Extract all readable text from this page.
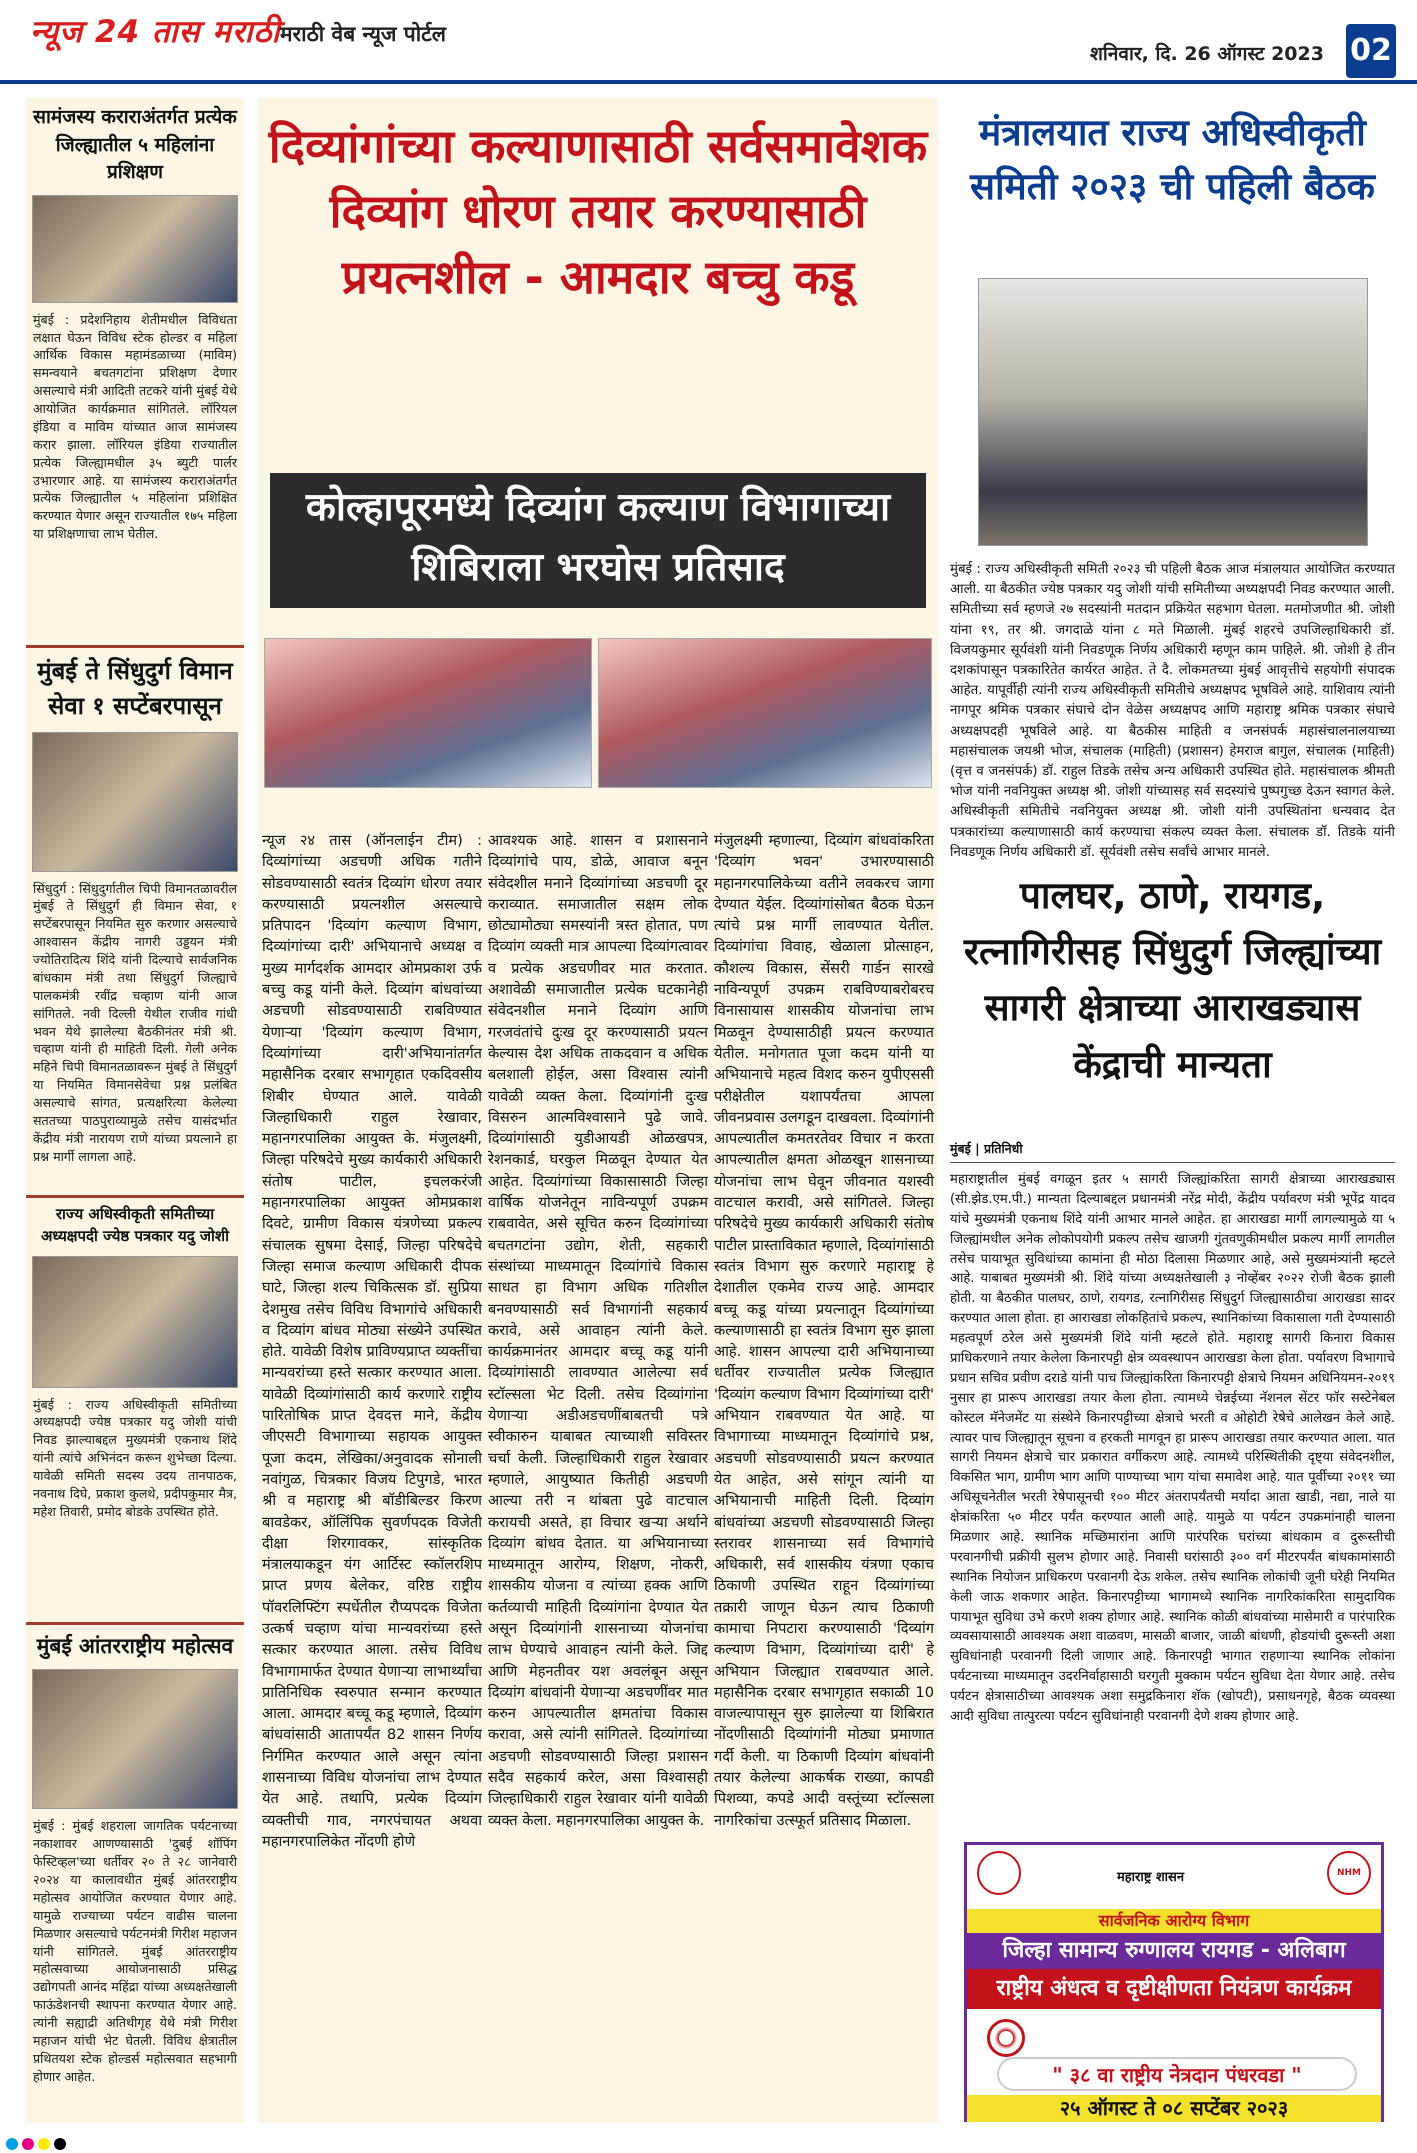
न्यूज 24 तास मराठी मराठी वेब न्यूज पोर्टल
शनिवार, दि. 26 ऑगस्ट 2023 02
सामंजस्य कराराअंतर्गत प्रत्येक जिल्ह्यातील ५ महिलांना प्रशिक्षण
मुंबई : प्रदेशनिहाय शेतीमधील विविधता लक्षात घेऊन विविध स्टेक होल्डर व महिला आर्थिक विकास महामंडळाच्या (माविम) समन्वयाने बचतगटांना प्रशिक्षण देणार असल्याचे मंत्री आदिती तटकरे यांनी मुंबई येथे आयोजित कार्यक्रमात सांगितले. लॉरियल इंडिया व माविम यांच्यात आज सामंजस्य करार झाला. लॉरियल इंडिया राज्यातील प्रत्येक जिल्ह्यामधील ३५ ब्युटी पार्लर उभारणार आहे. या सामंजस्य कराराअंतर्गत प्रत्येक जिल्ह्यातील ५ महिलांना प्रशिक्षित करण्यात येणार असून राज्यातील १७५ महिला या प्रशिक्षणाचा लाभ घेतील.
मुंबई ते सिंधुदुर्ग विमान सेवा १ सप्टेंबरपासून
सिंधुदुर्ग : सिंधुदुर्गातील चिपी विमानतळावरील मुंबई ते सिंधुदुर्ग ही विमान सेवा, १ सप्टेंबरपासून नियमित सुरु करणार असल्याचे आश्वासन केंद्रीय नागरी उड्डयन मंत्री ज्योतिरादित्य शिंदे यांनी दिल्याचे सार्वजनिक बांधकाम मंत्री तथा सिंधुदुर्ग जिल्ह्याचे पालकमंत्री रवींद्र चव्हाण यांनी आज सांगितले. नवी दिल्ली येथील राजीव गांधी भवन येथे झालेल्या बैठकीनंतर मंत्री श्री. चव्हाण यांनी ही माहिती दिली. गेली अनेक महिने चिपी विमानतळावरून मुंबई ते सिंधुदुर्ग या नियमित विमानसेवेचा प्रश्न प्रलंबित असल्याचे सांगत, प्रत्यक्षरित्या केलेल्या सततच्या पाठपुराव्यामुळे तसेच यासंदर्भात केंद्रीय मंत्री नारायण राणे यांच्या प्रयत्नाने हा प्रश्न मार्गी लागला आहे.
राज्य अधिस्वीकृती समितीच्या अध्यक्षपदी ज्येष्ठ पत्रकार यदु जोशी
मुंबई : राज्य अधिस्वीकृती समितीच्या अध्यक्षपदी ज्येष्ठ पत्रकार यदु जोशी यांची निवड झाल्याबद्दल मुख्यमंत्री एकनाथ शिंदे यांनी त्यांचे अभिनंदन करून शुभेच्छा दिल्या. यावेळी समिती सदस्य उदय तानपाठक, नवनाथ दिघे, प्रकाश कुलथे, प्रदीपकुमार मैत्र, महेश तिवारी, प्रमोद बोडके उपस्थित होते.
मुंबई आंतरराष्ट्रीय महोत्सव
मुंबई : मुंबई शहराला जागतिक पर्यटनाच्या नकाशावर आणण्यासाठी 'दुबई शॉपिंग फेस्टिव्हल'च्या धर्तीवर २० ते २८ जानेवारी २०२४ या कालावधीत मुंबई आंतरराष्ट्रीय महोत्सव आयोजित करण्यात येणार आहे. यामुळे राज्याच्या पर्यटन वाढीस चालना मिळणार असल्याचे पर्यटनमंत्री गिरीश महाजन यांनी सांगितले. मुंबई आंतरराष्ट्रीय महोत्सवाच्या आयोजनासाठी प्रसिद्ध उद्योगपती आनंद महिंद्रा यांच्या अध्यक्षतेखाली फाऊंडेशनची स्थापना करण्यात येणार आहे. त्यांनी सह्याद्री अतिथीगृह येथे मंत्री गिरीश महाजन यांची भेट घेतली. विविध क्षेत्रातील प्रथितयश स्टेक होल्डर्स महोत्सवात सहभागी होणार आहेत.
दिव्यांगांच्या कल्याणासाठी सर्वसमावेशक दिव्यांग धोरण तयार करण्यासाठी प्रयत्नशील - आमदार बच्चु कडू
कोल्हापूरमध्ये दिव्यांग कल्याण विभागाच्या शिबिराला भरघोस प्रतिसाद
न्यूज २४ तास (ऑनलाईन टीम) : दिव्यांगांच्या अडचणी अधिक गतीने सोडवण्यासाठी स्वतंत्र दिव्यांग धोरण तयार करण्यासाठी प्रयत्नशील असल्याचे प्रतिपादन 'दिव्यांग कल्याण विभाग, दिव्यांगांच्या दारी' अभियानाचे अध्यक्ष व मुख्य मार्गदर्शक आमदार ओमप्रकाश उर्फ बच्चु कडू यांनी केले. दिव्यांग बांधवांच्या अडचणी सोडवण्यासाठी राबविण्यात येणाऱ्या 'दिव्यांग कल्याण विभाग, दिव्यांगांच्या दारी'अभियानांतर्गत महासैनिक दरबार सभागृहात एकदिवसीय शिबीर घेण्यात आले. यावेळी जिल्हाधिकारी राहुल रेखावार, महानगरपालिका आयुक्त के. मंजुलक्ष्मी, जिल्हा परिषदेचे मुख्य कार्यकारी अधिकारी संतोष पाटील, इचलकरंजी महानगरपालिका आयुक्त ओमप्रकाश दिवटे, ग्रामीण विकास यंत्रणेच्या प्रकल्प संचालक सुषमा देसाई, जिल्हा परिषदेचे जिल्हा समाज कल्याण अधिकारी दीपक घाटे, जिल्हा शल्य चिकित्सक डॉ. सुप्रिया देशमुख तसेच विविध विभागांचे अधिकारी व दिव्यांग बांधव मोठ्या संख्येने उपस्थित होते. यावेळी विशेष प्राविण्यप्राप्त व्यक्तींचा मान्यवरांच्या हस्ते सत्कार करण्यात आला. यावेळी दिव्यांगांसाठी कार्य करणारे राष्ट्रीय पारितोषिक प्राप्त देवदत्त माने, केंद्रीय जीएसटी विभागाच्या सहायक आयुक्त पूजा कदम, लेखिका/अनुवादक सोनाली नवांगुळ, चित्रकार विजय टिपुगडे, भारत श्री व महाराष्ट्र श्री बॉडीबिल्डर किरण बावडेकर, ऑलिंपिक सुवर्णपदक विजेती दीक्षा शिरगावकर, सांस्कृतिक मंत्रालयाकडून यंग आर्टिस्ट स्कॉलरशिप प्राप्त प्रणय बेलेकर, वरिष्ठ राष्ट्रीय पॉवरलिफ्टिंग स्पर्धेतील रौप्यपदक विजेता उत्कर्ष चव्हाण यांचा मान्यवरांच्या हस्ते सत्कार करण्यात आला. तसेच विविध विभागामार्फत देण्यात येणाऱ्या लाभार्थ्यांचा प्रातिनिधिक स्वरुपात सन्मान करण्यात आला. आमदार बच्चू कडू म्हणाले, दिव्यांग बांधवांसाठी आतापर्यंत 82 शासन निर्णय निर्गमित करण्यात आले असून त्यांना शासनाच्या विविध योजनांचा लाभ देण्यात येत आहे. तथापि, प्रत्येक दिव्यांग व्यक्तीची गाव, नगरपंचायत अथवा महानगरपालिकेत नोंदणी होणे
आवश्यक आहे. शासन व प्रशासनाने दिव्यांगांचे पाय, डोळे, आवाज बनून संवेदशील मनाने दिव्यांगांच्या अडचणी दूर कराव्यात. समाजातील सक्षम लोक छोट्यामोठ्या समस्यांनी त्रस्त होतात, पण दिव्यांग व्यक्ती मात्र आपल्या दिव्यांगत्वावर व प्रत्येक अडचणीवर मात करतात. अशावेळी समाजातील प्रत्येक घटकानेही संवेदनशील मनाने दिव्यांग आणि गरजवंतांचे दुःख दूर करण्यासाठी प्रयत्न केल्यास देश अधिक ताकदवान व अधिक बलशाली होईल, असा विश्वास त्यांनी यावेळी व्यक्त केला. दिव्यांगांनी दुःख विसरुन आत्मविश्वासाने पुढे जावे. दिव्यांगांसाठी युडीआयडी ओळखपत्र, रेशनकार्ड, घरकुल मिळवून देण्यात येत आहेत. दिव्यांगांच्या विकासासाठी जिल्हा वार्षिक योजनेतून नाविन्यपूर्ण उपक्रम राबवावेत, असे सूचित करुन दिव्यांगांच्या बचतगटांना उद्योग, शेती, सहकारी संस्थांच्या माध्यमातून दिव्यांगांचे विकास साधत हा विभाग अधिक गतिशील बनवण्यासाठी सर्व विभागांनी सहकार्य करावे, असे आवाहन त्यांनी केले. कार्यक्रमानंतर आमदार बच्चू कडू यांनी दिव्यांगांसाठी लावण्यात आलेल्या सर्व स्टॉल्सला भेट दिली. तसेच दिव्यांगांना येणाऱ्या अडीअडचणींबाबतची पत्रे स्वीकारुन याबाबत त्याच्याशी सविस्तर चर्चा केली. जिल्हाधिकारी राहुल रेखावार म्हणाले, आयुष्यात कितीही अडचणी आल्या तरी न थांबता पुढे वाटचाल करायची असते, हा विचार खऱ्या अर्थाने दिव्यांग बांधव देतात. या अभियानाच्या माध्यमातून आरोग्य, शिक्षण, नोकरी, शासकीय योजना व त्यांच्या हक्क आणि कर्तव्याची माहिती दिव्यांगांना देण्यात येत असून दिव्यांगांनी शासनाच्या योजनांचा लाभ घेण्याचे आवाहन त्यांनी केले. जिद्द आणि मेहनतीवर यश अवलंबून असून दिव्यांग बांधवांनी येणाऱ्या अडचणींवर मात करुन आपल्यातील क्षमतांचा विकास करावा, असे त्यांनी सांगितले. दिव्यांगांच्या अडचणी सोडवण्यासाठी जिल्हा प्रशासन सदैव सहकार्य करेल, असा विश्वासही जिल्हाधिकारी राहुल रेखावार यांनी यावेळी व्यक्त केला. महानगरपालिका आयुक्त के.
मंजुलक्ष्मी म्हणाल्या, दिव्यांग बांधवांकरिता 'दिव्यांग भवन' उभारण्यासाठी महानगरपालिकेच्या वतीने लवकरच जागा देण्यात येईल. दिव्यांगांसोबत बैठक घेऊन त्यांचे प्रश्न मार्गी लावण्यात येतील. दिव्यांगांचा विवाह, खेळाला प्रोत्साहन, कौशल्य विकास, सेंसरी गार्डन सारखे नाविन्यपूर्ण उपक्रम राबविण्याबरोबरच विनासायास शासकीय योजनांचा लाभ मिळवून देण्यासाठीही प्रयत्न करण्यात येतील. मनोगतात पूजा कदम यांनी या अभियानाचे महत्व विशद करुन युपीएससी परीक्षेतील यशापर्यंतचा आपला जीवनप्रवास उलगडून दाखवला. दिव्यांगांनी आपल्यातील कमतरतेवर विचार न करता आपल्यातील क्षमता ओळखून शासनाच्या योजनांचा लाभ घेवून जीवनात यशस्वी वाटचाल करावी, असे सांगितले. जिल्हा परिषदेचे मुख्य कार्यकारी अधिकारी संतोष पाटील प्रास्ताविकात म्हणाले, दिव्यांगांसाठी स्वतंत्र विभाग सुरु करणारे महाराष्ट्र हे देशातील एकमेव राज्य आहे. आमदार बच्चू कडू यांच्या प्रयत्नातून दिव्यांगांच्या कल्याणासाठी हा स्वतंत्र विभाग सुरु झाला आहे. शासन आपल्या दारी अभियानाच्या धर्तीवर राज्यातील प्रत्येक जिल्ह्यात 'दिव्यांग कल्याण विभाग दिव्यांगांच्या दारी' अभियान राबवण्यात येत आहे. या विभागाच्या माध्यमातून दिव्यांगांचे प्रश्न, अडचणी सोडवण्यासाठी प्रयत्न करण्यात येत आहेत, असे सांगून त्यांनी या अभियानाची माहिती दिली. दिव्यांग बांधवांच्या अडचणी सोडवण्यासाठी जिल्हा स्तरावर शासनाच्या सर्व विभागांचे अधिकारी, सर्व शासकीय यंत्रणा एकाच ठिकाणी उपस्थित राहून दिव्यांगांच्या तक्रारी जाणून घेऊन त्याच ठिकाणी कामाचा निपटारा करण्यासाठी 'दिव्यांग कल्याण विभाग, दिव्यांगांच्या दारी' हे अभियान जिल्ह्यात राबवण्यात आले. महासैनिक दरबार सभागृहात सकाळी 10 वाजल्यापासून सुरु झालेल्या या शिबिरात नोंदणीसाठी दिव्यांगांनी मोठ्या प्रमाणात गर्दी केली. या ठिकाणी दिव्यांग बांधवांनी तयार केलेल्या आकर्षक राख्या, कापडी पिशव्या, कपडे आदी वस्तूंच्या स्टॉल्सला नागरिकांचा उत्स्फूर्त प्रतिसाद मिळाला.
मंत्रालयात राज्य अधिस्वीकृती समिती २०२३ ची पहिली बैठक
मुंबई : राज्य अधिस्वीकृती समिती २०२३ ची पहिली बैठक आज मंत्रालयात आयोजित करण्यात आली. या बैठकीत ज्येष्ठ पत्रकार यदु जोशी यांची समितीच्या अध्यक्षपदी निवड करण्यात आली. समितीच्या सर्व म्हणजे २७ सदस्यांनी मतदान प्रक्रियेत सहभाग घेतला. मतमोजणीत श्री. जोशी यांना १९, तर श्री. जगदाळे यांना ८ मते मिळाली. मुंबई शहरचे उपजिल्हाधिकारी डॉ. विजयकुमार सूर्यवंशी यांनी निवडणूक निर्णय अधिकारी म्हणून काम पाहिले. श्री. जोशी हे तीन दशकांपासून पत्रकारितेत कार्यरत आहेत. ते दै. लोकमतच्या मुंबई आवृत्तीचे सहयोगी संपादक आहेत. यापूर्वीही त्यांनी राज्य अधिस्वीकृती समितीचे अध्यक्षपद भूषविले आहे. याशिवाय त्यांनी नागपूर श्रमिक पत्रकार संघाचे दोन वेळेस अध्यक्षपद आणि महाराष्ट्र श्रमिक पत्रकार संघाचे अध्यक्षपदही भूषविले आहे. या बैठकीस माहिती व जनसंपर्क महासंचालनालयाच्या महासंचालक जयश्री भोज, संचालक (माहिती) (प्रशासन) हेमराज बागुल, संचालक (माहिती) (वृत्त व जनसंपर्क) डॉ. राहुल तिडके तसेच अन्य अधिकारी उपस्थित होते. महासंचालक श्रीमती भोज यांनी नवनियुक्त अध्यक्ष श्री. जोशी यांच्यासह सर्व सदस्यांचे पुष्पगुच्छ देऊन स्वागत केले. अधिस्वीकृती समितीचे नवनियुक्त अध्यक्ष श्री. जोशी यांनी उपस्थितांना धन्यवाद देत पत्रकारांच्या कल्याणासाठी कार्य करण्याचा संकल्प व्यक्त केला. संचालक डॉ. तिडके यांनी निवडणूक निर्णय अधिकारी डॉ. सूर्यवंशी तसेच सर्वांचे आभार मानले.
पालघर, ठाणे, रायगड, रत्नागिरीसह सिंधुदुर्ग जिल्ह्यांच्या सागरी क्षेत्राच्या आराखड्यास केंद्राची मान्यता
मुंबई | प्रतिनिधी
महाराष्ट्रातील मुंबई वगळून इतर ५ सागरी जिल्ह्यांकरिता सागरी क्षेत्राच्या आराखड्यास (सी.झेड.एम.पी.) मान्यता दिल्याबद्दल प्रधानमंत्री नरेंद्र मोदी, केंद्रीय पर्यावरण मंत्री भूपेंद्र यादव यांचे मुख्यमंत्री एकनाथ शिंदे यांनी आभार मानले आहेत. हा आराखडा मार्गी लागल्यामुळे या ५ जिल्ह्यांमधील अनेक लोकोपयोगी प्रकल्प तसेच खाजगी गुंतवणुकीमधील प्रकल्प मार्गी लागतील तसेच पायाभूत सुविधांच्या कामांना ही मोठा दिलासा मिळणार आहे, असे मुख्यमंत्र्यांनी म्हटले आहे. याबाबत मुख्यमंत्री श्री. शिंदे यांच्या अध्यक्षतेखाली ३ नोव्हेंबर २०२२ रोजी बैठक झाली होती. या बैठकीत पालघर, ठाणे, रायगड, रत्नागिरीसह सिंधुदुर्ग जिल्ह्यासाठीचा आराखडा सादर करण्यात आला होता. हा आराखडा लोकहितांचे प्रकल्प, स्थानिकांच्या विकासाला गती देण्यासाठी महत्वपूर्ण ठरेल असे मुख्यमंत्री शिंदे यांनी म्हटले होते. महाराष्ट्र सागरी किनारा विकास प्राधिकरणाने तयार केलेला किनारपट्टी क्षेत्र व्यवस्थापन आराखडा केला होता. पर्यावरण विभागाचे प्रधान सचिव प्रवीण दराडे यांनी पाच जिल्ह्यांकरिता किनारपट्टी क्षेत्राचे नियमन अधिनियमन-२०१९ नुसार हा प्रारूप आराखडा तयार केला होता. त्यामध्ये चेन्नईच्या नॅशनल सेंटर फॉर सस्टेनेबल कोस्टल मॅनेजमेंट या संस्थेने किनारपट्टीच्या क्षेत्राचे भरती व ओहोटी रेषेचे आलेखन केले आहे. त्यावर पाच जिल्ह्यातून सूचना व हरकती मागवून हा प्रारूप आराखडा तयार करण्यात आला. यात सागरी नियमन क्षेत्राचे चार प्रकारात वर्गीकरण आहे. त्यामध्ये परिस्थितीकी दृष्ट्या संवेदनशील, विकसित भाग, ग्रामीण भाग आणि पाण्याच्या भाग यांचा समावेश आहे. यात पूर्वीच्या २०११ च्या अधिसूचनेतील भरती रेषेपासूनची १०० मीटर अंतरापर्यंतची मर्यादा आता खाडी, नद्या, नाले या क्षेत्रांकरिता ५० मीटर पर्यंत करण्यात आली आहे. यामुळे या पर्यटन उपक्रमांनाही चालना मिळणार आहे. स्थानिक मच्छिमारांना आणि पारंपरिक घरांच्या बांधकाम व दुरूस्तीची परवानगीची प्रक्रीयी सुलभ होणार आहे. निवासी घरांसाठी ३०० वर्ग मीटरपर्यंत बांधकामांसाठी स्थानिक नियोजन प्राधिकरण परवानगी देऊ शकेल. तसेच स्थानिक लोकांची जूनी घरेही नियमित केली जाऊ शकणार आहेत. किनारपट्टीच्या भागामध्ये स्थानिक नागरिकांकरिता सामुदायिक पायाभूत सुविधा उभे करणे शक्य होणार आहे. स्थानिक कोळी बांधवांच्या मासेमारी व पारंपारिक व्यवसायासाठी आवश्यक अशा वाळवण, मासळी बाजार, जाळी बांधणी, होडयांची दुरूस्ती अशा सुविधांनाही परवानगी दिली जाणार आहे. किनारपट्टी भागात राहणाऱ्या स्थानिक लोकांना पर्यटनाच्या माध्यमातून उदरनिर्वाहासाठी घरगुती मुक्काम पर्यटन सुविधा देता येणार आहे. तसेच पर्यटन क्षेत्रासाठीच्या आवश्यक अशा समुद्रकिनारा शॅक (खोपटी), प्रसाधनगृहे, बैठक व्यवस्था आदी सुविधा तात्पुरत्या पर्यटन सुविधांनाही परवानगी देणे शक्य होणार आहे.
महाराष्ट्र शासन	NHM
सार्वजनिक आरोग्य विभाग
जिल्हा सामान्य रुग्णालय रायगड - अलिबाग
राष्ट्रीय अंधत्व व दृष्टीक्षीणता नियंत्रण कार्यक्रम
" ३८ वा राष्ट्रीय नेत्रदान पंधरवडा "
२५ ऑगस्ट ते ०८ सप्टेंबर २०२३
